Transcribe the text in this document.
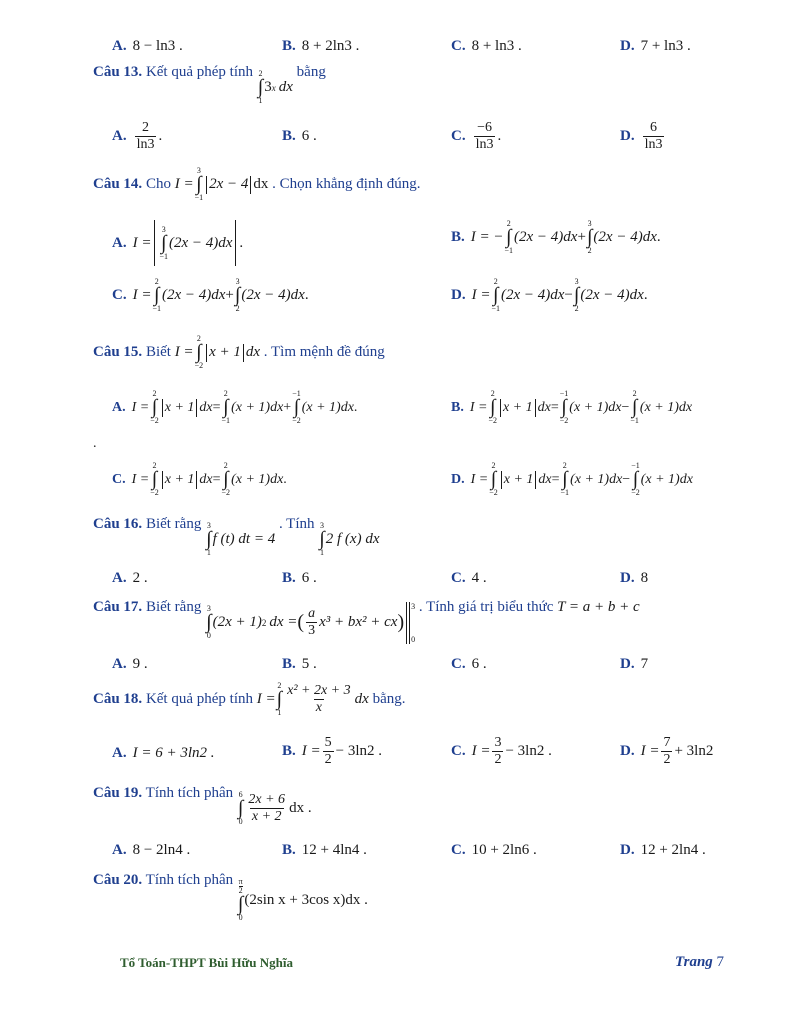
A. 8 − ln3 .	B. 8 + 2ln3 .	C. 8 + ln3 .	D. 7 + ln3 .
Câu 13. Kết quả phép tính 2
∫
1
3 x dx
bằng
A. $\frac{2}{\ln 3}$ .	B. 6 .	C. $\frac{-6}{\ln 3}$ .	D. $\frac{6}{\ln 3}$
Câu 14. Cho I =
3
∫
−1
2x − 4 dx . Chọn khẳng định đúng.
A. I =
3
∫
−1
(2x − 4)dx .	B. I = −
2
∫
−1
(2x − 4)dx +
3
∫
2
(2x − 4)dx .
C. I =
2
∫
−1
(2x − 4)dx +
3
∫
2
(2x − 4)dx .	D. I =
2
∫
−1
(2x − 4)dx −
3
∫
2
(2x − 4)dx .
Câu 15. Biết I =
2
∫
−2
x + 1 dx . Tìm mệnh đề đúng
A. I =
2
∫
−2
x + 1 dx =
2
∫
−1
(x + 1) dx +
−1
∫
−2
(x + 1) dx .	B. I =
2
∫
−2
x + 1 dx =
−1
∫
−2
(x + 1) dx −
2
∫
−1
(x + 1) dx
.
C. I =
2
∫
−2
x + 1 dx =
2
∫
−2
(x + 1) dx .	D. I =
2
∫
−2
x + 1 dx =
2
∫
−1
(x + 1) dx −
−1
∫
−2
(x + 1) dx
Câu 16. Biết rằng 3
∫
1
f (t) dt = 4
. Tính 3
∫
1
2 f (x) dx
A. 2 .	B. 6 .	C. 4 .	D. 8
Câu 17. Biết rằng 3
∫
0
(2x + 1) 2 dx = ( $\frac{a}{3} x^3 + bx^2$ + cx )
3
0
. Tính giá trị biểu thức T = a + b + c
A. 9 .	B. 5 .	C. 6 .	D. 7
Câu 18. Kết quả phép tính I =
2
∫
$1 \frac{\text{x² + 2x + 3}}{x}$ dx bằng.
A. I = 6 + 3ln2 .	B. $I = \frac{5}{2} - 3\ln 2$ .	C. $I = \frac{3}{2} - 3\ln 2$ .	D. $I = \frac{7}{2} + 3\ln 2$
Câu 19. Tính tích phân 6
∫
$0 \frac{2x + 6}{x + 2}$ dx .
A. 8 − 2ln4 .	B. 12 + 4ln4 .	C. 10 + 2ln6 .	D. 12 + 2ln4 .
Câu 20. Tính tích phân π
2
∫
0
(2sin x + 3cos x)dx .
Tổ Toán-THPT Bùi Hữu Nghĩa	Trang 7
